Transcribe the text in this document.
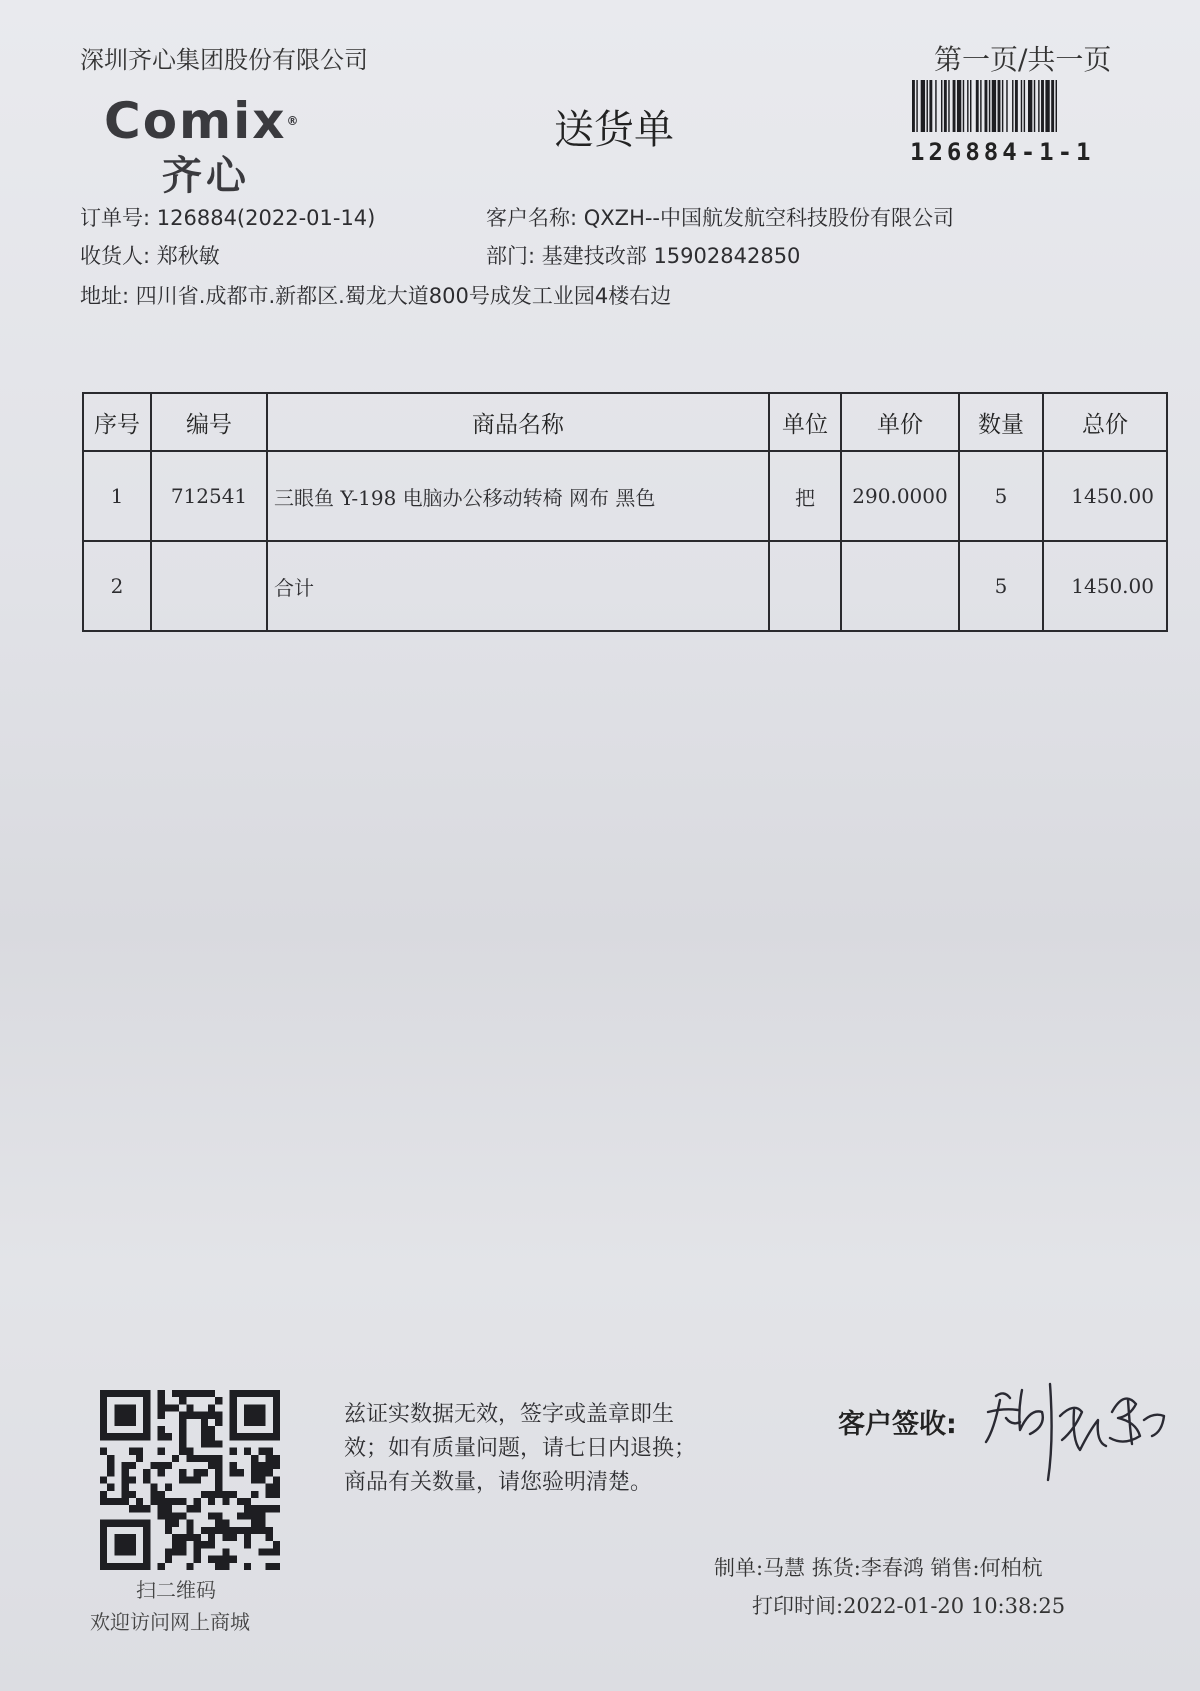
深圳齐心集团股份有限公司	第一页/共一页
Comix®
齐心
送货单	126884-1-1
订单号: 126884(2022-01-14)	客户名称: QXZH--中国航发航空科技股份有限公司
收货人: 郑秋敏	部门: 基建技改部 15902842850
地址: 四川省.成都市.新都区.蜀龙大道800号成发工业园4楼右边
序号	编号	商品名称	单位	单价	数量	总价
1	712541	三眼鱼 Y-198 电脑办公移动转椅 网布 黑色	把	290.0000	5	1450.00
2		合计			5	1450.00
扫二维码
欢迎访问网上商城
兹证实数据无效，签字或盖章即生
效；如有质量问题，请七日内退换；
商品有关数量，请您验明清楚。
客户签收:
制单:马慧 拣货:李春鸿 销售:何柏杭
打印时间:2022-01-20 10:38:25
